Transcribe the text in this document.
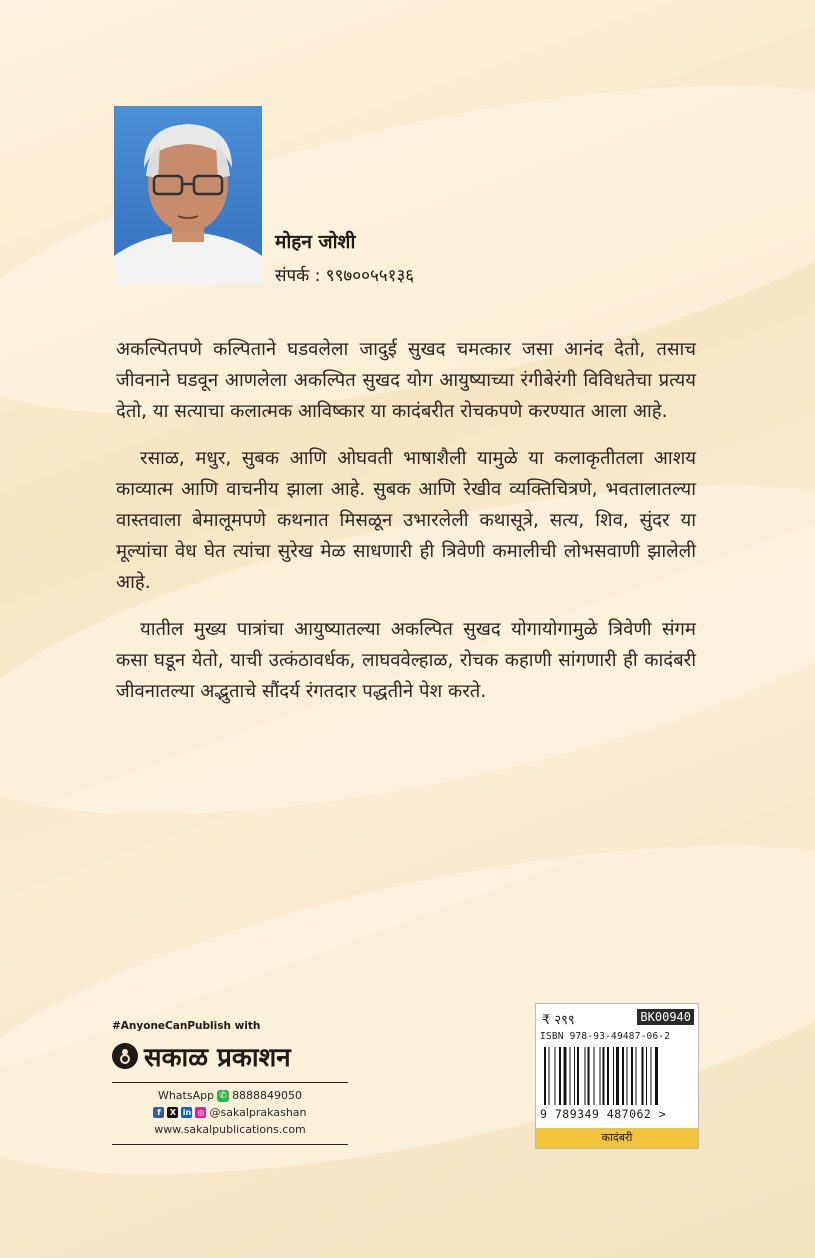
मोहन जोशी
संपर्क : ९९७००५५१३६

अकल्पितपणे कल्पिताने घडवलेला जादुई सुखद चमत्कार जसा आनंद देतो, तसाच जीवनाने घडवून आणलेला अकल्पित सुखद योग आयुष्याच्या रंगीबेरंगी विविधतेचा प्रत्यय देतो, या सत्याचा कलात्मक आविष्कार या कादंबरीत रोचकपणे करण्यात आला आहे.

रसाळ, मधुर, सुबक आणि ओघवती भाषाशैली यामुळे या कलाकृतीतला आशय काव्यात्म आणि वाचनीय झाला आहे. सुबक आणि रेखीव व्यक्तिचित्रणे, भवतालातल्या वास्तवाला बेमालूमपणे कथनात मिसळून उभारलेली कथासूत्रे, सत्य, शिव, सुंदर या मूल्यांचा वेध घेत त्यांचा सुरेख मेळ साधणारी ही त्रिवेणी कमालीची लोभसवाणी झालेली आहे.

यातील मुख्य पात्रांचा आयुष्यातल्या अकल्पित सुखद योगायोगामुळे त्रिवेणी संगम कसा घडून येतो, याची उत्कंठावर्धक, लाघववेल्हाळ, रोचक कहाणी सांगणारी ही कादंबरी जीवनातल्या अद्भुताचे सौंदर्य रंगतदार पद्धतीने पेश करते.

#AnyoneCanPublish with
सकाळ प्रकाशन
WhatsApp ✆ 8888849050
f	X in ◎ @sakalprakashan
www.sakalpublications.com
₹ २९९	BK00940
ISBN 978-93-49487-06-2
9 789349 487062 >
कादंबरी
